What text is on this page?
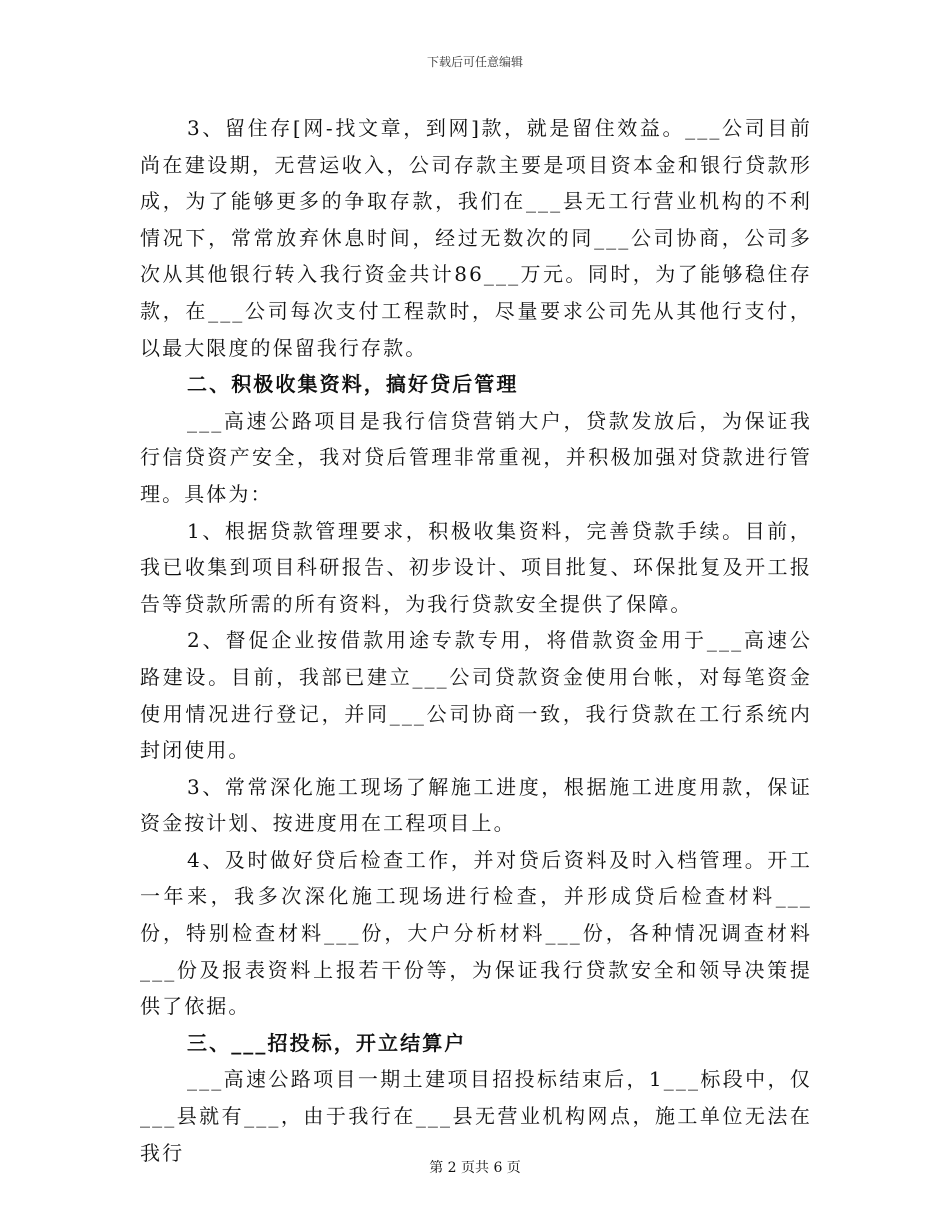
下载后可任意编辑

3、留住存[网-找文章，到网]款，就是留住效益。___公司目前尚在建设期，无营运收入，公司存款主要是项目资本金和银行贷款形成，为了能够更多的争取存款，我们在___县无工行营业机构的不利情况下，常常放弃休息时间，经过无数次的同___公司协商，公司多次从其他银行转入我行资金共计86___万元。同时，为了能够稳住存款，在___公司每次支付工程款时，尽量要求公司先从其他行支付，以最大限度的保留我行存款。

二、积极收集资料，搞好贷后管理

___高速公路项目是我行信贷营销大户，贷款发放后，为保证我行信贷资产安全，我对贷后管理非常重视，并积极加强对贷款进行管理。具体为：

1、根据贷款管理要求，积极收集资料，完善贷款手续。目前，我已收集到项目科研报告、初步设计、项目批复、环保批复及开工报告等贷款所需的所有资料，为我行贷款安全提供了保障。

2、督促企业按借款用途专款专用，将借款资金用于___高速公路建设。目前，我部已建立___公司贷款资金使用台帐，对每笔资金使用情况进行登记，并同___公司协商一致，我行贷款在工行系统内封闭使用。

3、常常深化施工现场了解施工进度，根据施工进度用款，保证资金按计划、按进度用在工程项目上。

4、及时做好贷后检查工作，并对贷后资料及时入档管理。开工一年来，我多次深化施工现场进行检查，并形成贷后检查材料___份，特别检查材料___份，大户分析材料___份，各种情况调查材料___份及报表资料上报若干份等，为保证我行贷款安全和领导决策提供了依据。

三、___招投标，开立结算户

___高速公路项目一期土建项目招投标结束后，1___标段中，仅___县就有___，由于我行在___县无营业机构网点，施工单位无法在我行

第 2 页共 6 页
